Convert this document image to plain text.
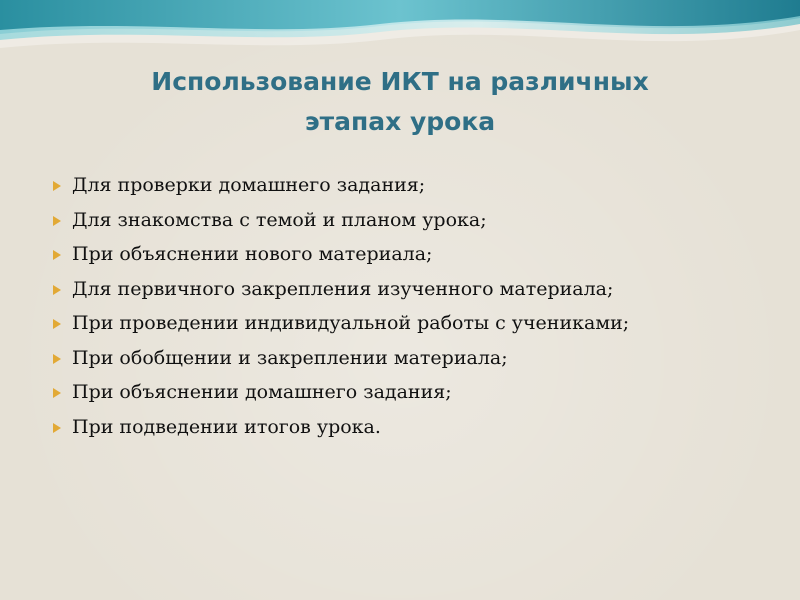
Использование ИКТ на различных
этапах урока
Для проверки домашнего задания;
Для знакомства с темой и планом урока;
При объяснении нового материала;
Для первичного закрепления изученного материала;
При проведении индивидуальной работы с учениками;
При обобщении и закреплении материала;
При объяснении домашнего задания;
При подведении итогов урока.
